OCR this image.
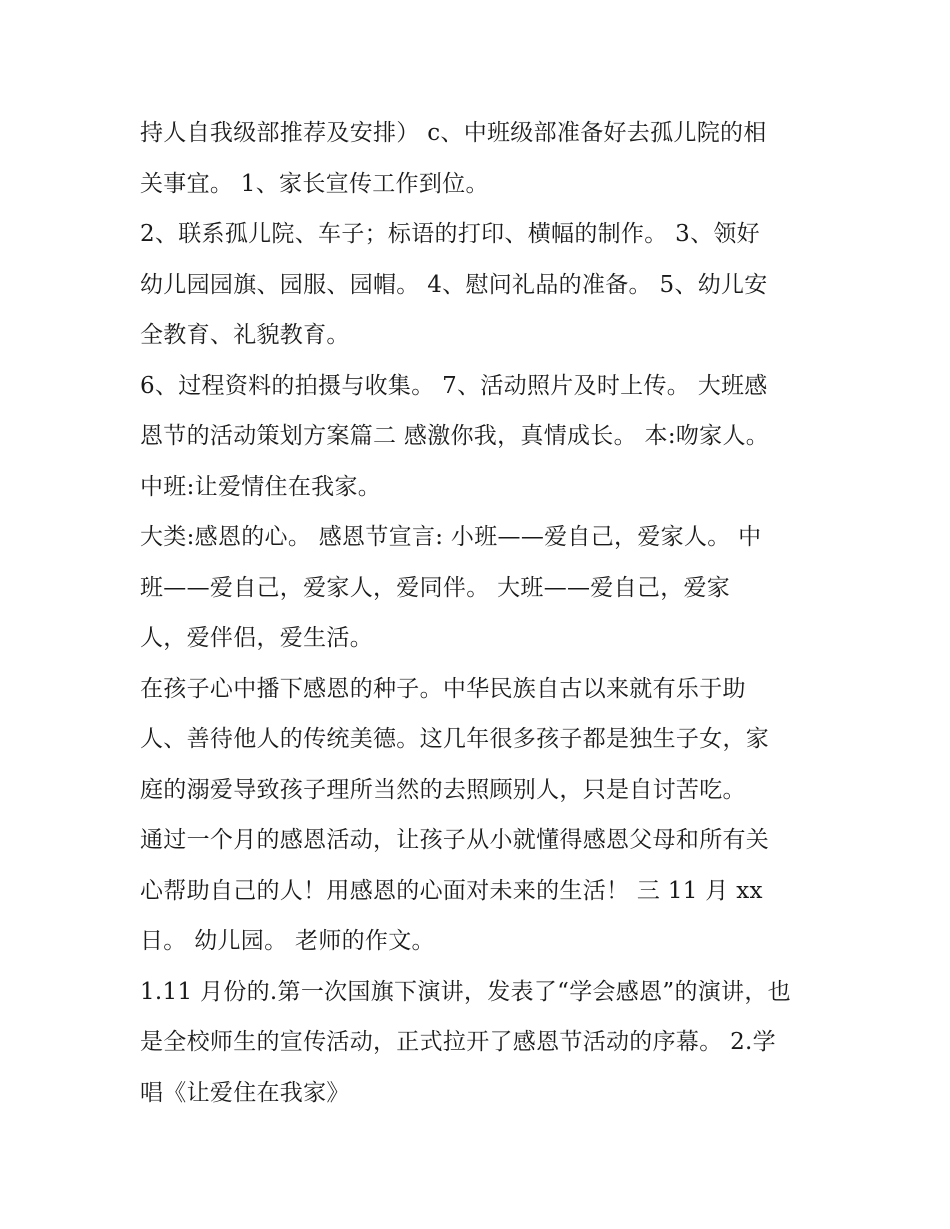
持人自我级部推荐及安排） c、中班级部准备好去孤儿院的相
关事宜。 1、家长宣传工作到位。
2、联系孤儿院、车子；标语的打印、横幅的制作。 3、领好
幼儿园园旗、园服、园帽。 4、慰问礼品的准备。 5、幼儿安
全教育、礼貌教育。
6、过程资料的拍摄与收集。 7、活动照片及时上传。 大班感
恩节的活动策划方案篇二 感激你我，真情成长。 本:吻家人。
中班:让爱情住在我家。
大类:感恩的心。 感恩节宣言: 小班——爱自己，爱家人。 中
班——爱自己，爱家人，爱同伴。 大班——爱自己，爱家
人，爱伴侣，爱生活。
在孩子心中播下感恩的种子。中华民族自古以来就有乐于助
人、善待他人的传统美德。这几年很多孩子都是独生子女，家
庭的溺爱导致孩子理所当然的去照顾别人，只是自讨苦吃。
通过一个月的感恩活动，让孩子从小就懂得感恩父母和所有关
心帮助自己的人！用感恩的心面对未来的生活！ 三 11 月 xx
日。 幼儿园。 老师的作文。
1.11 月份的.第一次国旗下演讲，发表了“学会感恩”的演讲，也
是全校师生的宣传活动，正式拉开了感恩节活动的序幕。 2.学
唱《让爱住在我家》
